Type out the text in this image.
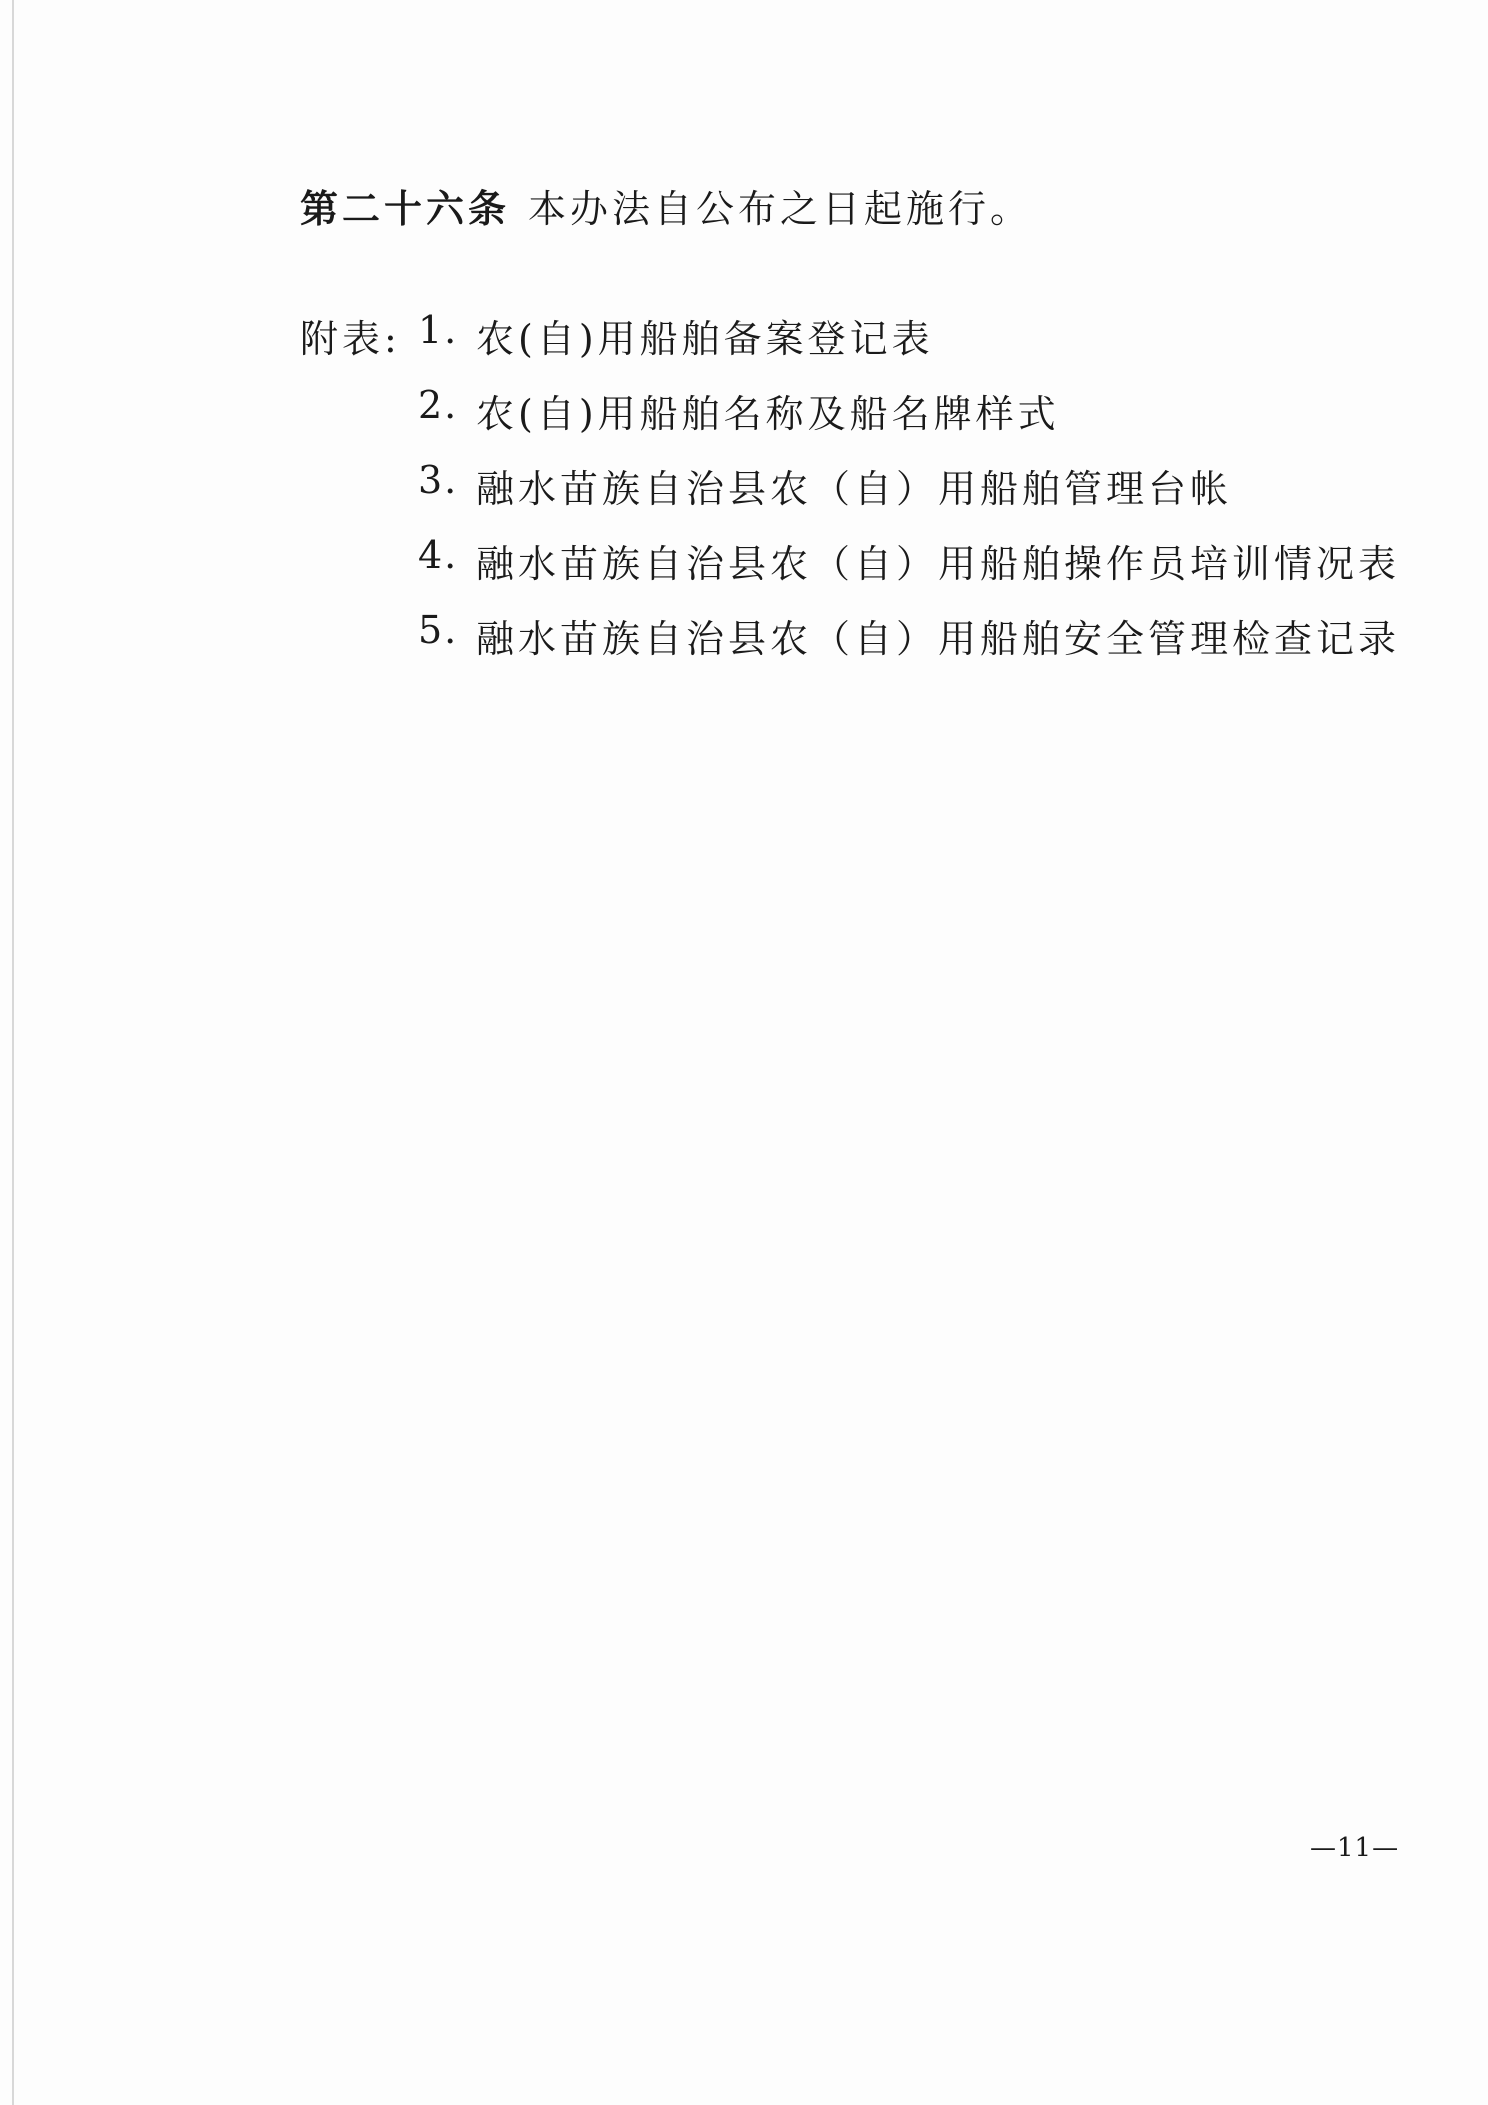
第二十六条 本办法自公布之日起施行。
附表: 1. 农(自)用船舶备案登记表
2. 农(自)用船舶名称及船名牌样式
3. 融水苗族自治县农（自）用船舶管理台帐
4. 融水苗族自治县农（自）用船舶操作员培训情况表
5. 融水苗族自治县农（自）用船舶安全管理检查记录
—11—
